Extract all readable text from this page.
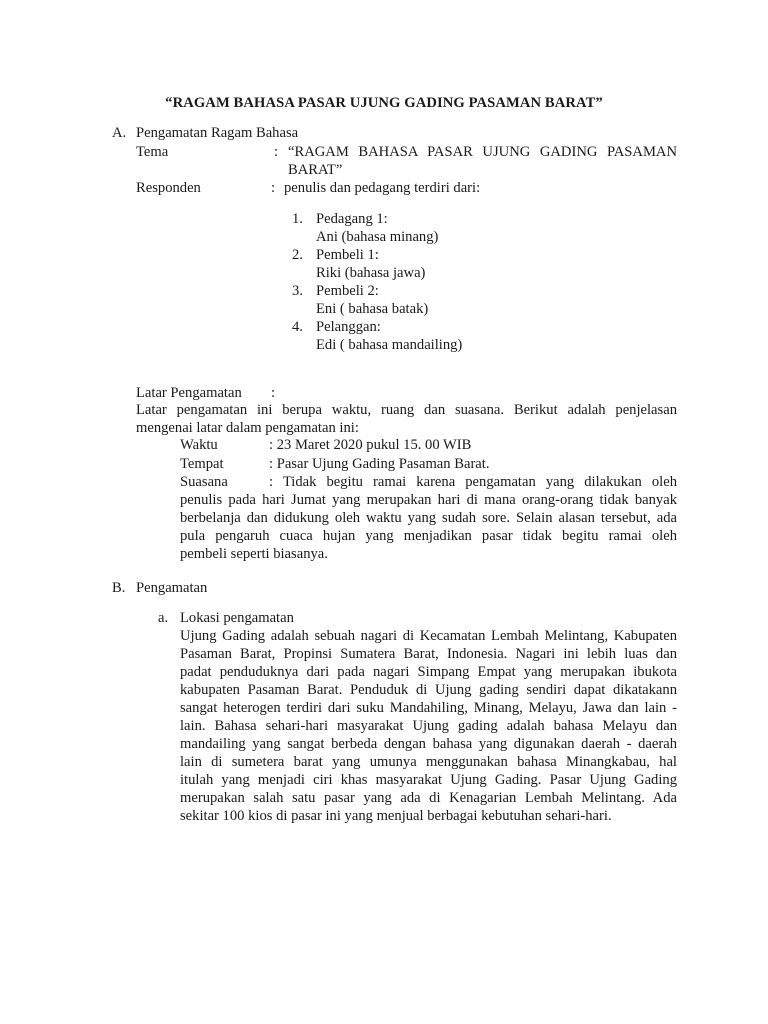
“RAGAM BAHASA PASAR UJUNG GADING PASAMAN BARAT”
A. Pengamatan Ragam Bahasa
Tema	: “RAGAM BAHASA PASAR UJUNG GADING PASAMAN
BARAT”
Responden	: penulis dan pedagang terdiri dari:
1. Pedagang 1:
Ani (bahasa minang)
2. Pembeli 1:
Riki (bahasa jawa)
3. Pembeli 2:
Eni ( bahasa batak)
4. Pelanggan:
Edi ( bahasa mandailing)
Latar Pengamatan :
Latar pengamatan ini berupa waktu, ruang dan suasana. Berikut adalah penjelasan
mengenai latar dalam pengamatan ini:
Waktu	: 23 Maret 2020 pukul 15. 00 WIB
Tempat	: Pasar Ujung Gading Pasaman Barat.
Suasana	: Tidak begitu ramai karena pengamatan yang dilakukan oleh
penulis pada hari Jumat yang merupakan hari di mana orang-orang tidak banyak
berbelanja dan didukung oleh waktu yang sudah sore. Selain alasan tersebut, ada
pula pengaruh cuaca hujan yang menjadikan pasar tidak begitu ramai oleh
pembeli seperti biasanya.
B. Pengamatan
a. Lokasi pengamatan
Ujung Gading adalah sebuah nagari di Kecamatan Lembah Melintang, Kabupaten
Pasaman Barat, Propinsi Sumatera Barat, Indonesia. Nagari ini lebih luas dan
padat penduduknya dari pada nagari Simpang Empat yang merupakan ibukota
kabupaten Pasaman Barat. Penduduk di Ujung gading sendiri dapat dikatakann
sangat heterogen terdiri dari suku Mandahiling, Minang, Melayu, Jawa dan lain -
lain. Bahasa sehari-hari masyarakat Ujung gading adalah bahasa Melayu dan
mandailing yang sangat berbeda dengan bahasa yang digunakan daerah - daerah
lain di sumetera barat yang umunya menggunakan bahasa Minangkabau, hal
itulah yang menjadi ciri khas masyarakat Ujung Gading. Pasar Ujung Gading
merupakan salah satu pasar yang ada di Kenagarian Lembah Melintang. Ada
sekitar 100 kios di pasar ini yang menjual berbagai kebutuhan sehari-hari.
